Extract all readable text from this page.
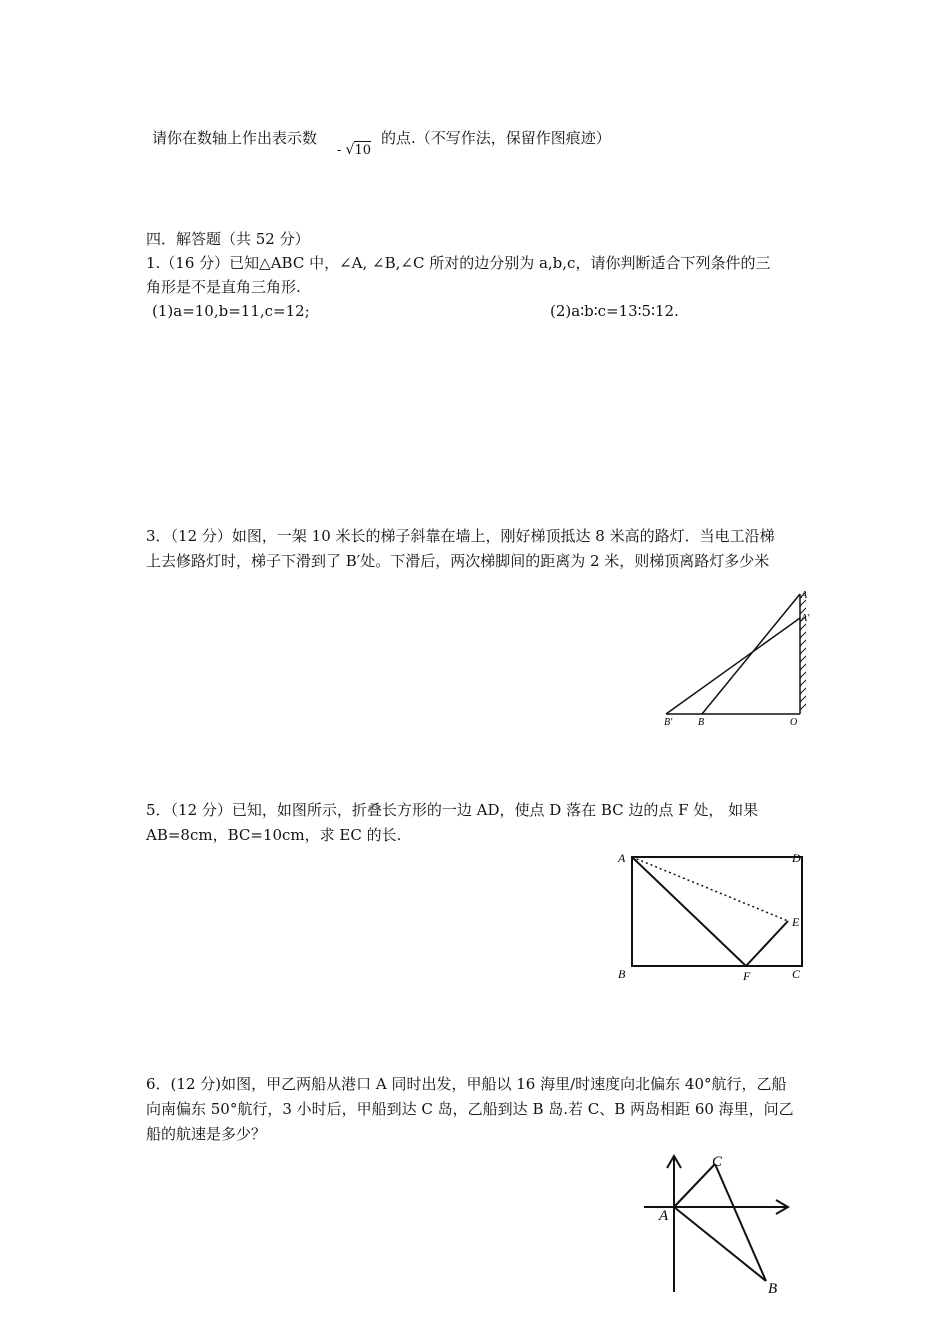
请你在数轴上作出表示数
- √10
的点.（不写作法，保留作图痕迹）
四．解答题（共 52 分）
1.（16 分）已知△ABC 中，∠A, ∠B,∠C 所对的边分别为 a,b,c，请你判断适合下列条件的三
角形是不是直角三角形.
(1)a=10,b=11,c=12;	(2)a∶b∶c=13∶5∶12.
3．（12 分）如图，一架 10 米长的梯子斜靠在墙上，刚好梯顶抵达 8 米高的路灯．当电工沿梯
上去修路灯时，梯子下滑到了 B′处。下滑后，两次梯脚间的距离为 2 米，则梯顶离路灯多少米
A
A′
B′	B	O
5．（12 分）已知，如图所示，折叠长方形的一边 AD，使点 D 落在 BC 边的点 F 处， 如果
AB=8cm，BC=10cm，求 EC 的长.
A	D
E
B	F	C
6．(12 分)如图，甲乙两船从港口 A 同时出发，甲船以 16 海里/时速度向北偏东 40°航行，乙船
向南偏东 50°航行，3 小时后，甲船到达 C 岛，乙船到达 B 岛.若 C、B 两岛相距 60 海里，问乙
船的航速是多少？
A
C
B
